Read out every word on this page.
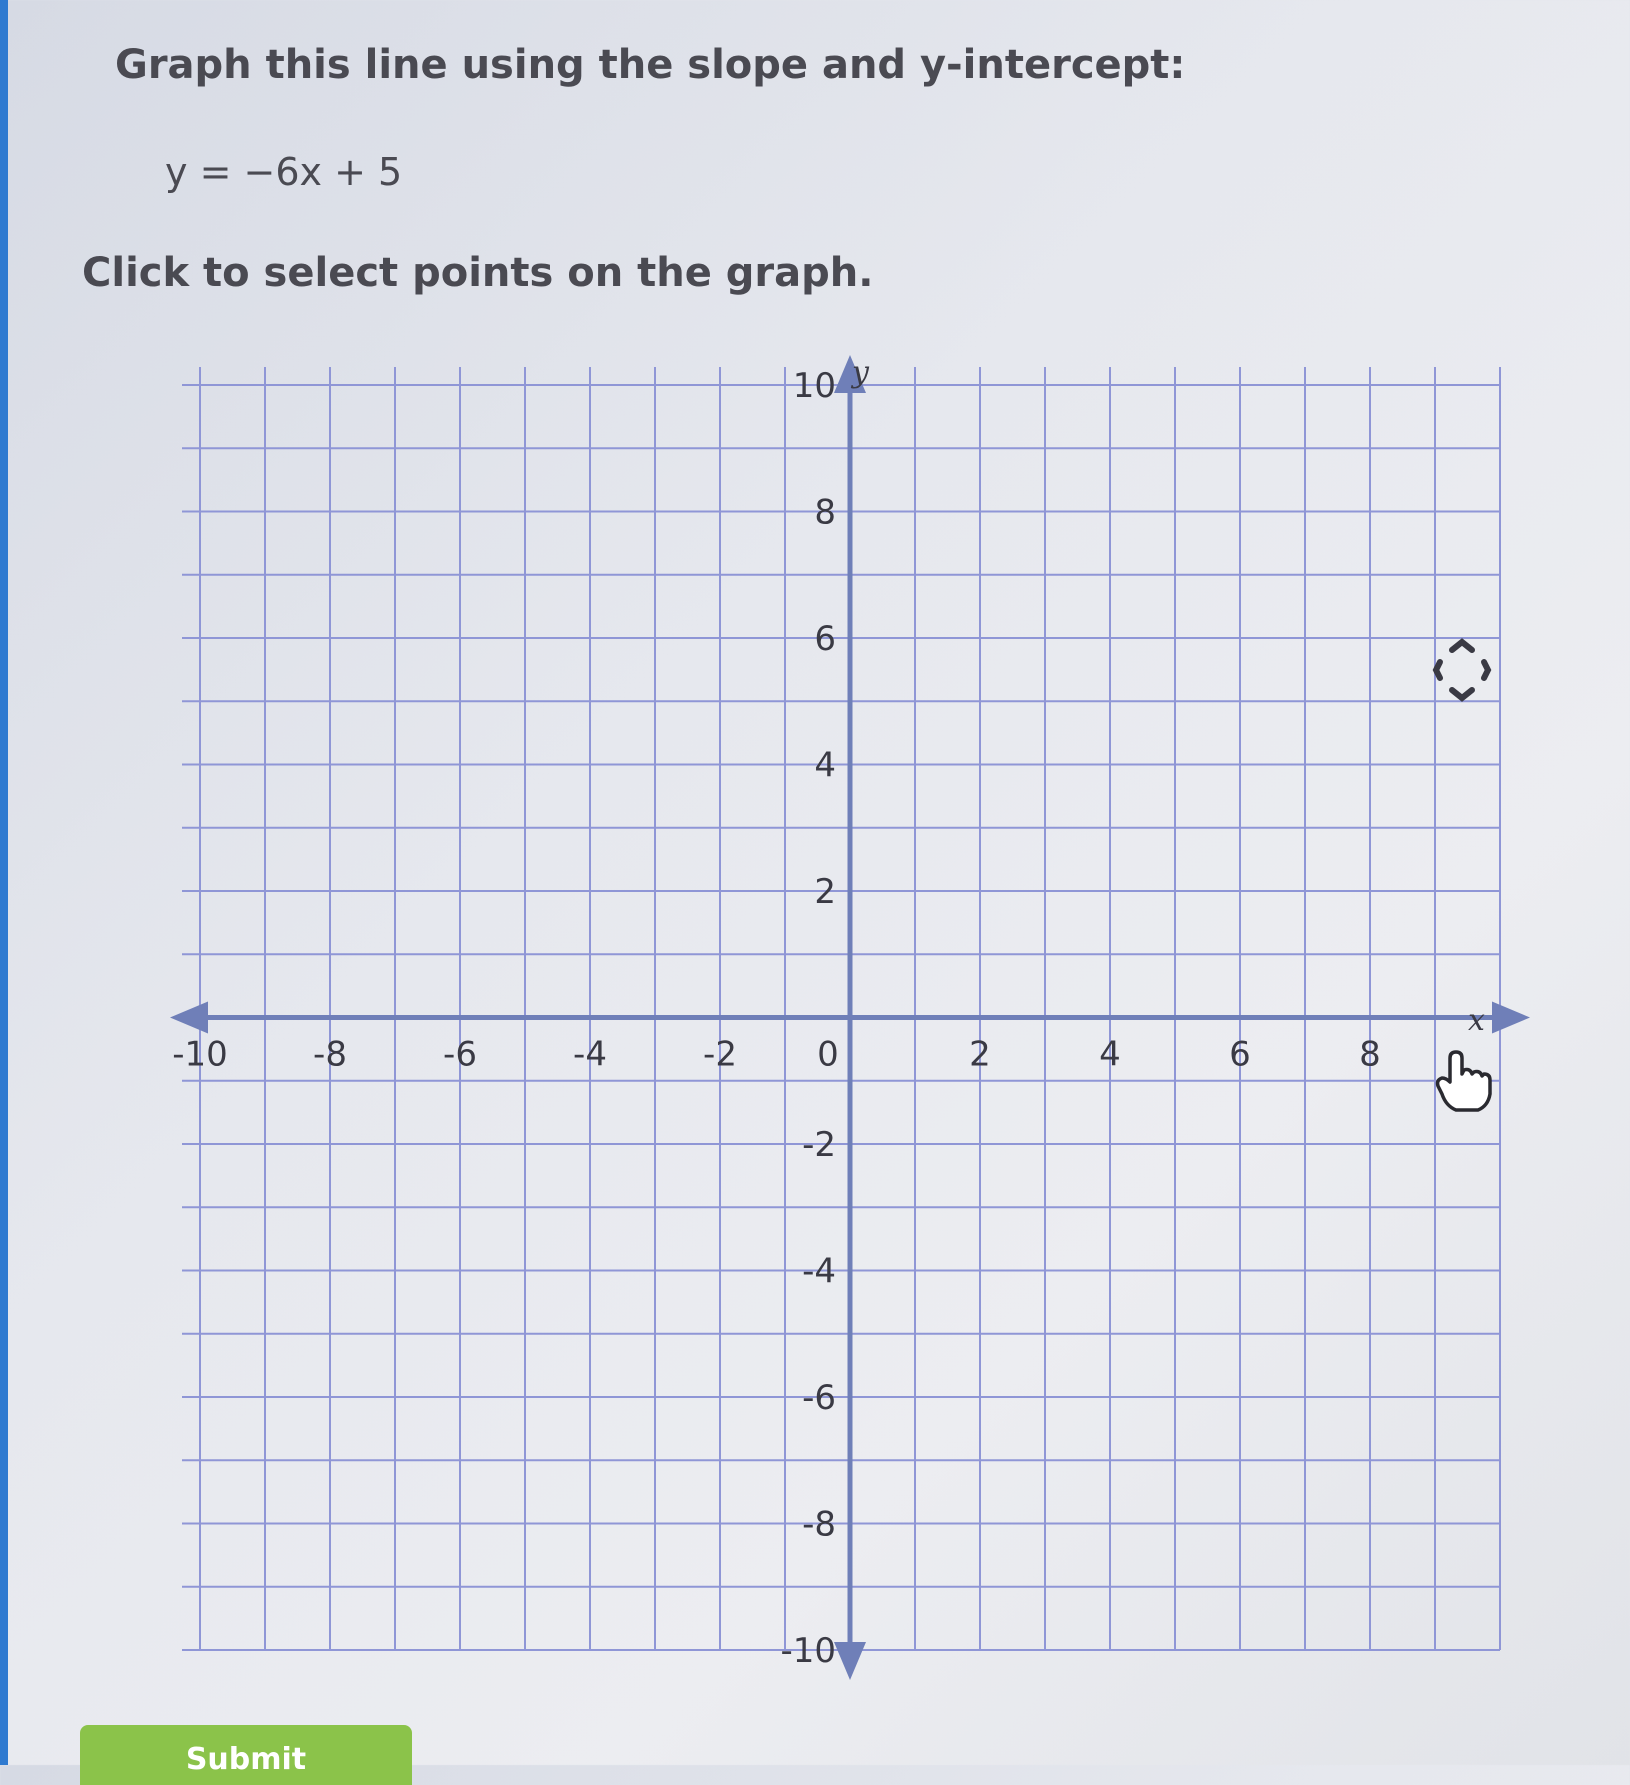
Graph this line using the slope and y-intercept:
y = −6x + 5
Click to select points on the graph.
-10	-8	-6	-4	-2 0	2	4	6	8
10
8
6
4
2
-2
-4
-6
-8
-10
x
y
Submit
